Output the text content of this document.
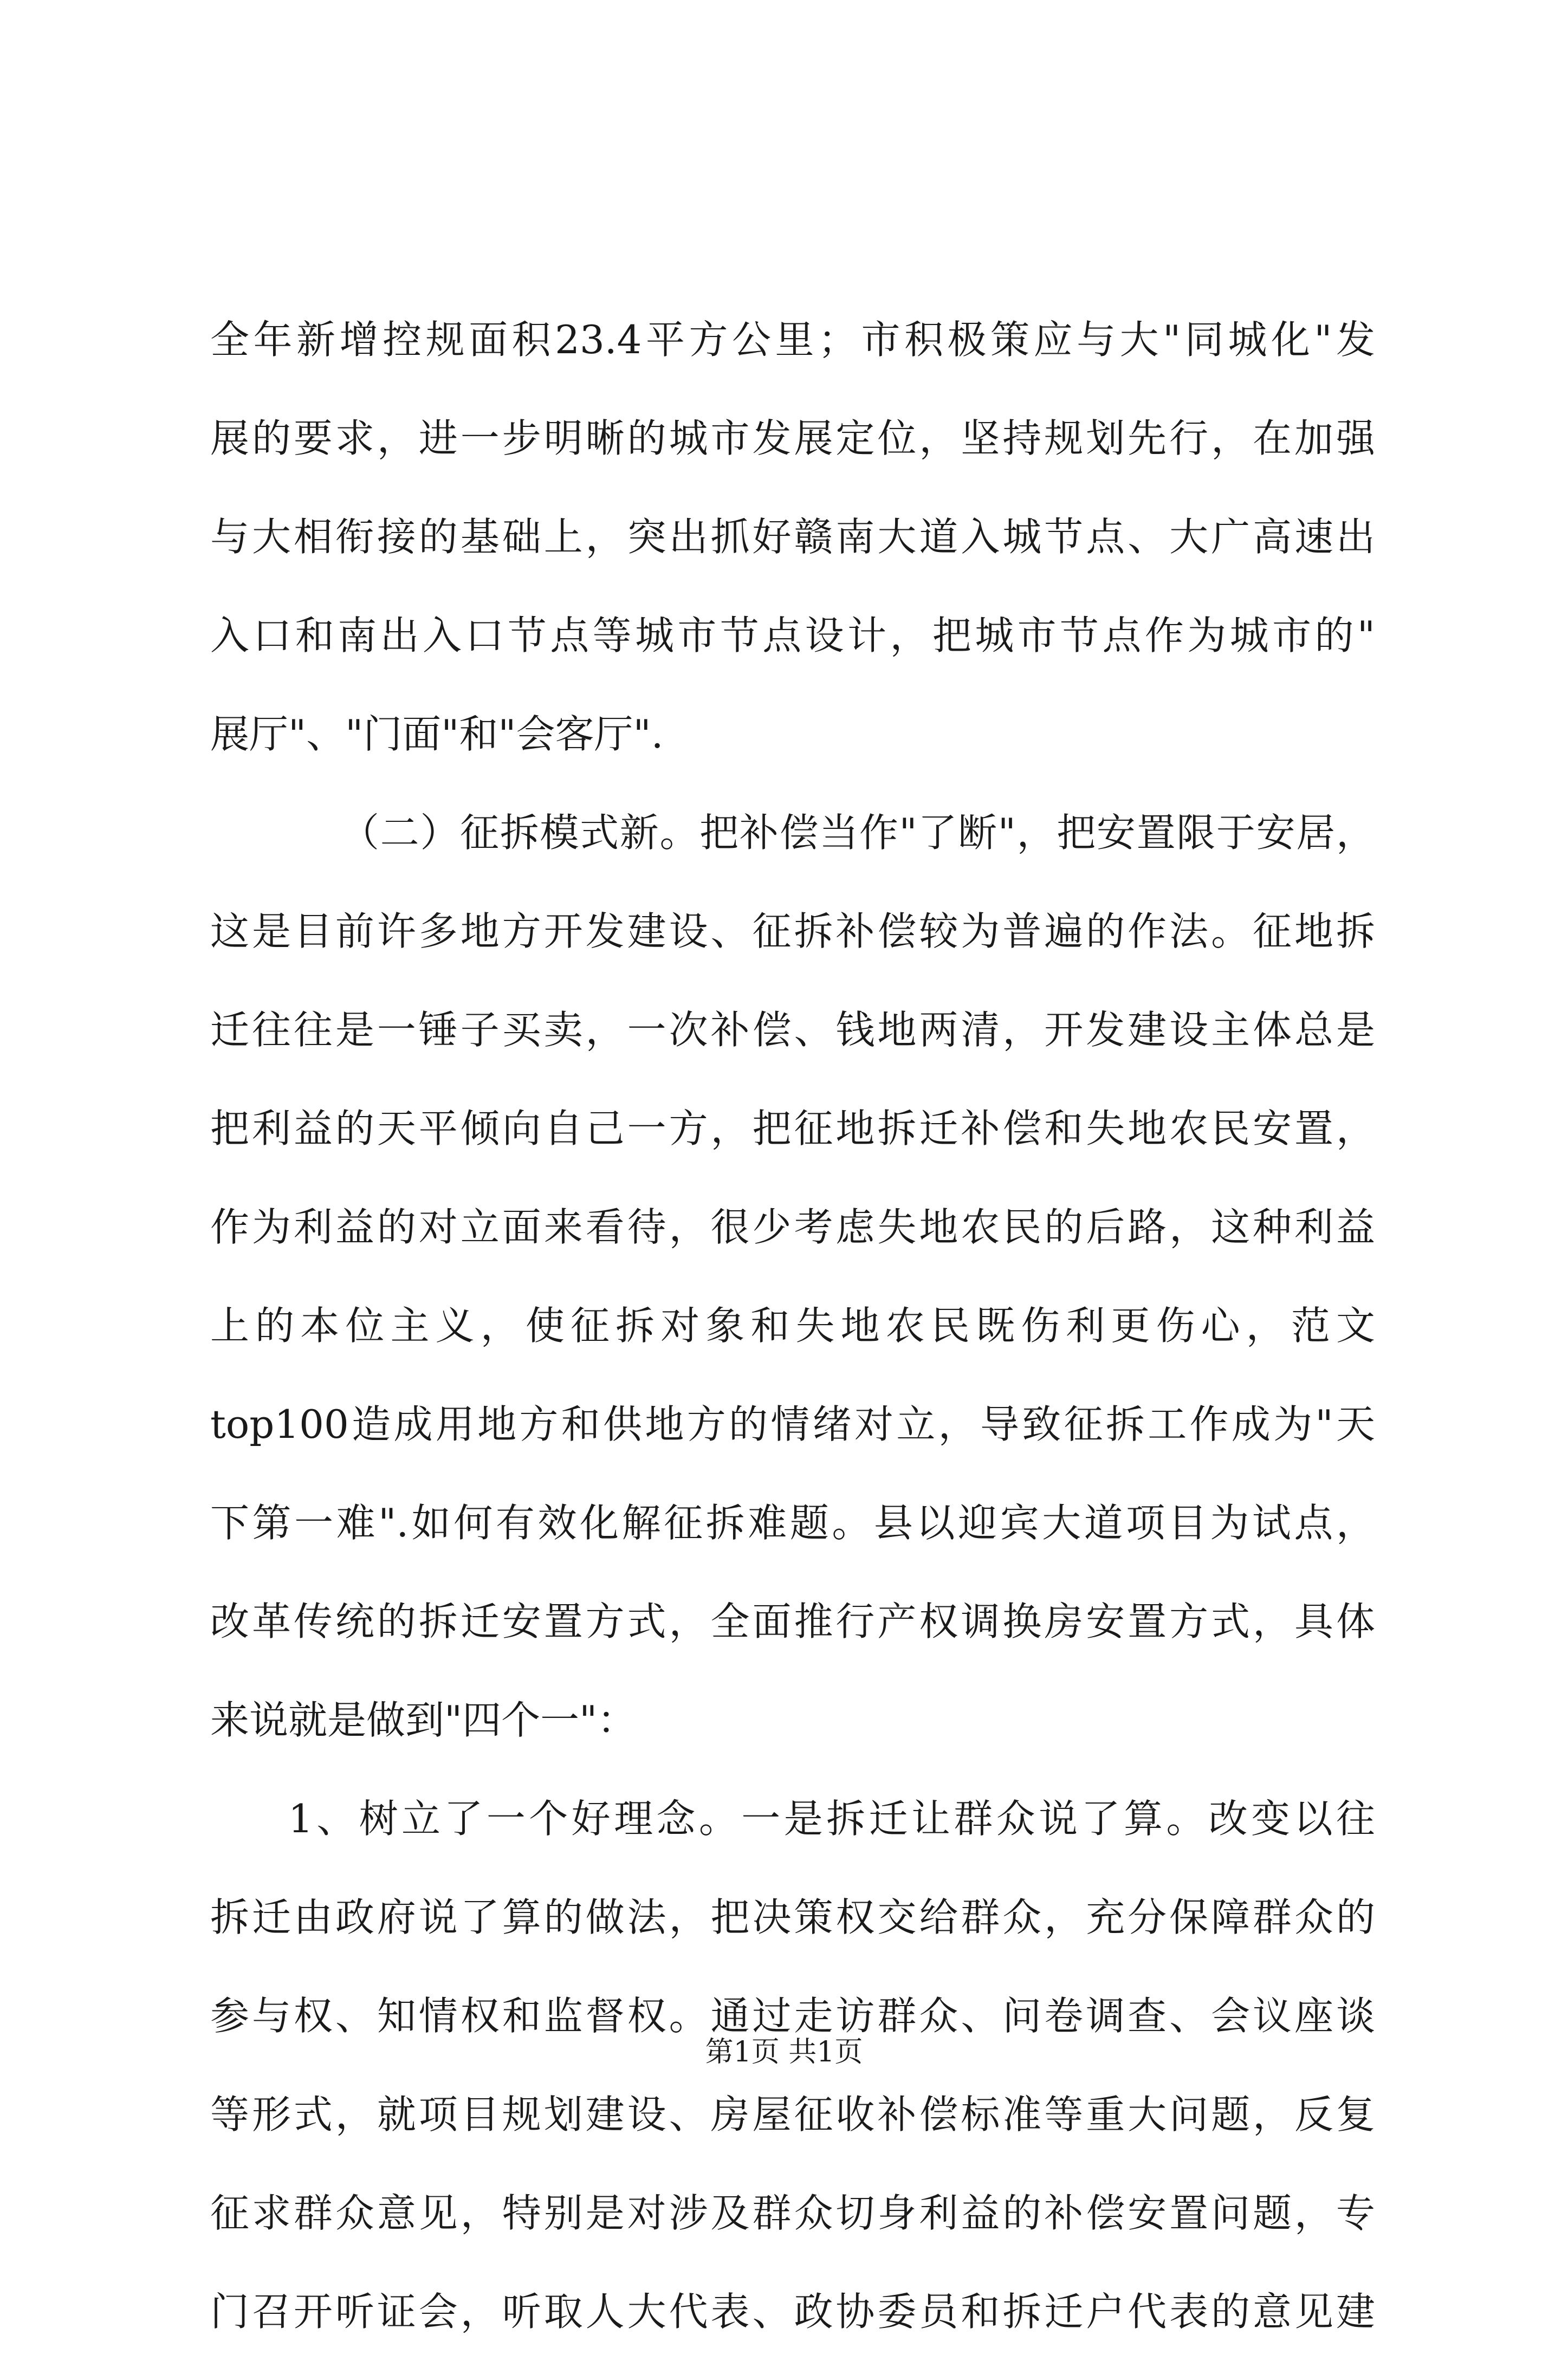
全年新增控规面积23.4平方公里；市积极策应与大"同城化"发
展的要求，进一步明晰的城市发展定位，坚持规划先行，在加强
与大相衔接的基础上，突出抓好赣南大道入城节点、大广高速出
入口和南出入口节点等城市节点设计，把城市节点作为城市的"
展厅"、"门面"和"会客厅".
（二）征拆模式新。把补偿当作"了断"，把安置限于安居，
这是目前许多地方开发建设、征拆补偿较为普遍的作法。征地拆
迁往往是一锤子买卖，一次补偿、钱地两清，开发建设主体总是
把利益的天平倾向自己一方，把征地拆迁补偿和失地农民安置，
作为利益的对立面来看待，很少考虑失地农民的后路，这种利益
上的本位主义，使征拆对象和失地农民既伤利更伤心，范文
top100造成用地方和供地方的情绪对立，导致征拆工作成为"天
下第一难".如何有效化解征拆难题。县以迎宾大道项目为试点，
改革传统的拆迁安置方式，全面推行产权调换房安置方式，具体
来说就是做到"四个一"：
1、树立了一个好理念。一是拆迁让群众说了算。改变以往
拆迁由政府说了算的做法，把决策权交给群众，充分保障群众的
参与权、知情权和监督权。通过走访群众、问卷调查、会议座谈
等形式，就项目规划建设、房屋征收补偿标准等重大问题，反复
征求群众意见，特别是对涉及群众切身利益的补偿安置问题，专
门召开听证会，听取人大代表、政协委员和拆迁户代表的意见建
第1页 共1页
